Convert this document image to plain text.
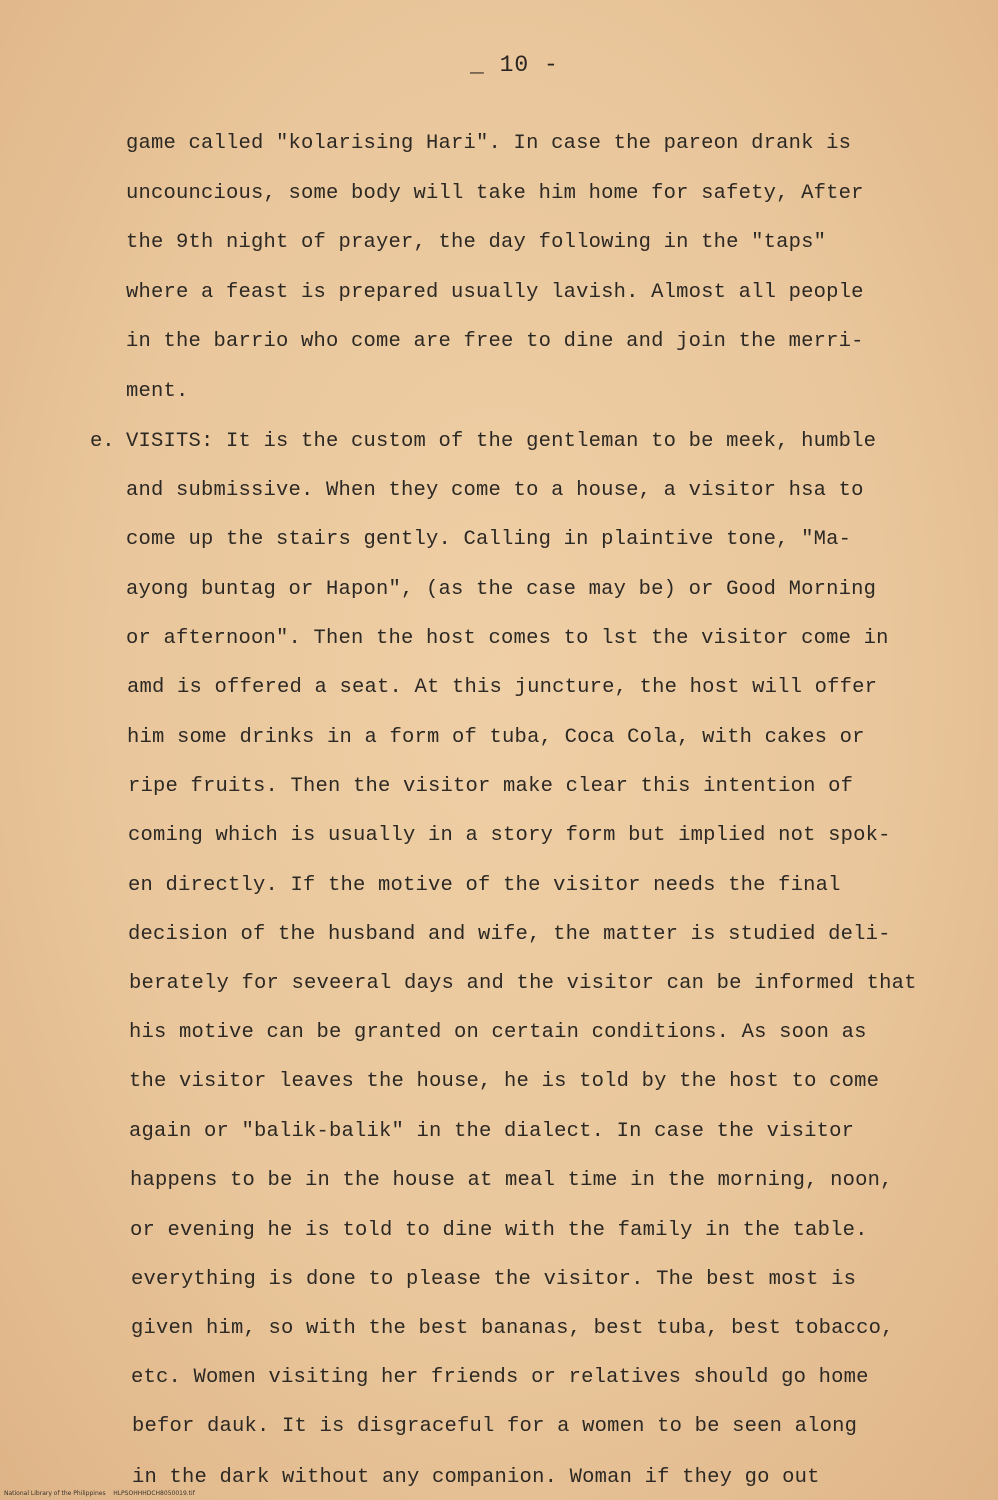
_ 10 -
e.
game called "kolarising Hari". In case the pareon drank is
uncouncious, some body will take him home for safety, After
the 9th night of prayer, the day following in the "taps"
where a feast is prepared usually lavish. Almost all people
in the barrio who come are free to dine and join the merri-
ment.
VISITS: It is the custom of the gentleman to be meek, humble
and submissive. When they come to a house, a visitor hsa to
come up the stairs gently. Calling in plaintive tone, "Ma-
ayong buntag or Hapon", (as the case may be) or Good Morning
or afternoon". Then the host comes to lst the visitor come in
amd is offered a seat. At this juncture, the host will offer
him some drinks in a form of tuba, Coca Cola, with cakes or
ripe fruits. Then the visitor make clear this intention of
coming which is usually in a story form but implied not spok-
en directly. If the motive of the visitor needs the final
decision of the husband and wife, the matter is studied deli-
berately for seveeral days and the visitor can be informed that
his motive can be granted on certain conditions. As soon as
the visitor leaves the house, he is told by the host to come
again or "balik-balik" in the dialect. In case the visitor
happens to be in the house at meal time in the morning, noon,
or evening he is told to dine with the family in the table.
everything is done to please the visitor. The best most is
given him, so with the best bananas, best tuba, best tobacco,
etc. Women visiting her friends or relatives should go home
befor dauk. It is disgraceful for a women to be seen along
in the dark without any companion. Woman if they go out
National Library of the Philippines    HLPSOHHHDCH8050019.tif
